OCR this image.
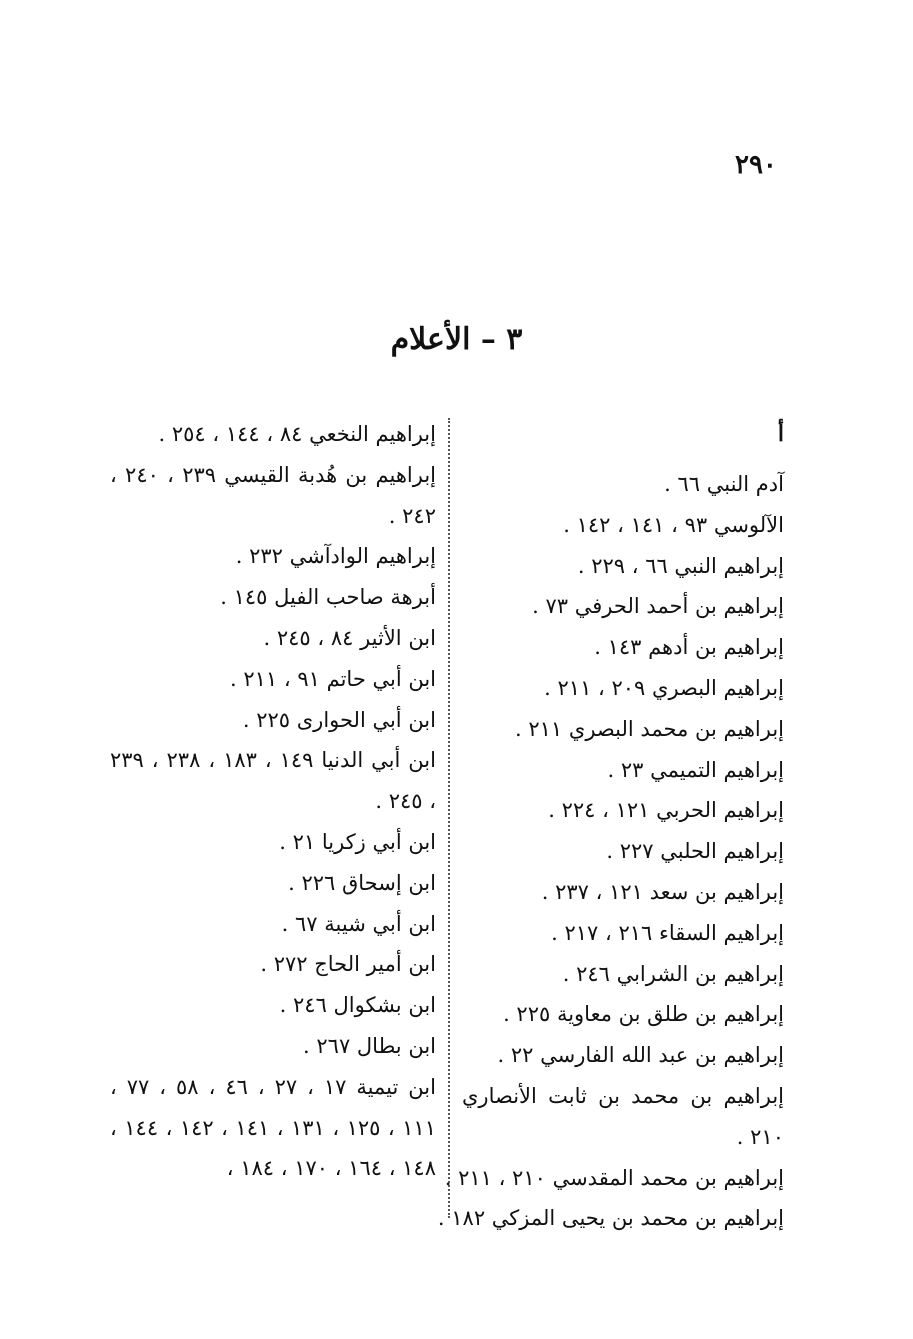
٢٩٠
٣ – الأعلام
أ
آدم النبي ٦٦ .
الآلوسي ٩٣ ، ١٤١ ، ١٤٢ .
إبراهيم النبي ٦٦ ، ٢٢٩ .
إبراهيم بن أحمد الحرفي ٧٣ .
إبراهيم بن أدهم ١٤٣ .
إبراهيم البصري ٢٠٩ ، ٢١١ .
إبراهيم بن محمد البصري ٢١١ .
إبراهيم التميمي ٢٣ .
إبراهيم الحربي ١٢١ ، ٢٢٤ .
إبراهيم الحلبي ٢٢٧ .
إبراهيم بن سعد ١٢١ ، ٢٣٧ .
إبراهيم السقاء ٢١٦ ، ٢١٧ .
إبراهيم بن الشرابي ٢٤٦ .
إبراهيم بن طلق بن معاوية ٢٢٥ .
إبراهيم بن عبد الله الفارسي ٢٢ .
إبراهيم بن محمد بن ثابت الأنصاري ٢١٠ .
إبراهيم بن محمد المقدسي ٢١٠ ، ٢١١ .
إبراهيم بن محمد بن يحيى المزكي ١٨٢ .
إبراهيم النخعي ٨٤ ، ١٤٤ ، ٢٥٤ .
إبراهيم بن هُدبة القيسي ٢٣٩ ، ٢٤٠ ، ٢٤٢ .
إبراهيم الوادآشي ٢٣٢ .
أبرهة صاحب الفيل ١٤٥ .
ابن الأثير ٨٤ ، ٢٤٥ .
ابن أبي حاتم ٩١ ، ٢١١ .
ابن أبي الحوارى ٢٢٥ .
ابن أبي الدنيا ١٤٩ ، ١٨٣ ، ٢٣٨ ، ٢٣٩ ، ٢٤٥ .
ابن أبي زكريا ٢١ .
ابن إسحاق ٢٢٦ .
ابن أبي شيبة ٦٧ .
ابن أمير الحاج ٢٧٢ .
ابن بشكوال ٢٤٦ .
ابن بطال ٢٦٧ .
ابن تيمية ١٧ ، ٢٧ ، ٤٦ ، ٥٨ ، ٧٧ ، ١١١ ، ١٢٥ ، ١٣١ ، ١٤١ ، ١٤٢ ، ١٤٤ ، ١٤٨ ، ١٦٤ ، ١٧٠ ، ١٨٤ ،
